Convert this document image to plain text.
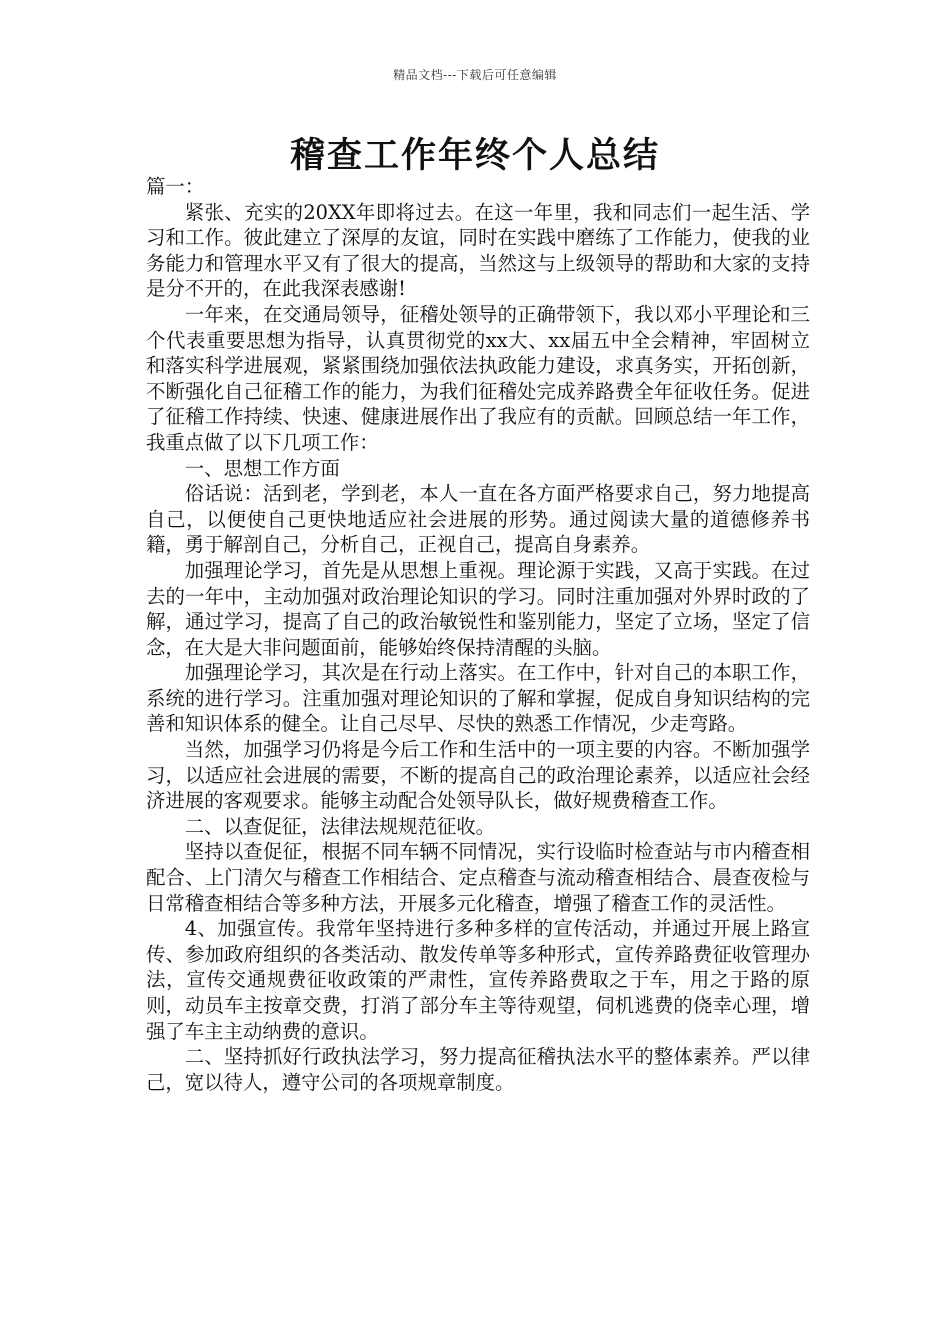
精品文档---下载后可任意编辑
稽查工作年终个人总结

篇一：

紧张、充实的20XX年即将过去。在这一年里，我和同志们一起生活、学习和工作。彼此建立了深厚的友谊，同时在实践中磨练了工作能力，使我的业务能力和管理水平又有了很大的提高，当然这与上级领导的帮助和大家的支持是分不开的，在此我深表感谢!

一年来，在交通局领导，征稽处领导的正确带领下，我以邓小平理论和三个代表重要思想为指导，认真贯彻党的xx大、xx届五中全会精神，牢固树立和落实科学进展观，紧紧围绕加强依法执政能力建设，求真务实，开拓创新，不断强化自己征稽工作的能力，为我们征稽处完成养路费全年征收任务。促进了征稽工作持续、快速、健康进展作出了我应有的贡献。回顾总结一年工作，我重点做了以下几项工作：

一、思想工作方面

俗话说：活到老，学到老，本人一直在各方面严格要求自己，努力地提高自己，以便使自己更快地适应社会进展的形势。通过阅读大量的道德修养书籍，勇于解剖自己，分析自己，正视自己，提高自身素养。

加强理论学习，首先是从思想上重视。理论源于实践，又高于实践。在过去的一年中，主动加强对政治理论知识的学习。同时注重加强对外界时政的了解，通过学习，提高了自己的政治敏锐性和鉴别能力，坚定了立场，坚定了信念，在大是大非问题面前，能够始终保持清醒的头脑。

加强理论学习，其次是在行动上落实。在工作中，针对自己的本职工作，系统的进行学习。注重加强对理论知识的了解和掌握，促成自身知识结构的完善和知识体系的健全。让自己尽早、尽快的熟悉工作情况，少走弯路。

当然，加强学习仍将是今后工作和生活中的一项主要的内容。不断加强学习，以适应社会进展的需要，不断的提高自己的政治理论素养，以适应社会经济进展的客观要求。能够主动配合处领导队长，做好规费稽查工作。

二、以查促征，法律法规规范征收。

坚持以查促征，根据不同车辆不同情况，实行设临时检查站与市内稽查相配合、上门清欠与稽查工作相结合、定点稽查与流动稽查相结合、晨查夜检与日常稽查相结合等多种方法，开展多元化稽查，增强了稽查工作的灵活性。

4、加强宣传。我常年坚持进行多种多样的宣传活动，并通过开展上路宣传、参加政府组织的各类活动、散发传单等多种形式，宣传养路费征收管理办法，宣传交通规费征收政策的严肃性，宣传养路费取之于车，用之于路的原则，动员车主按章交费，打消了部分车主等待观望，伺机逃费的侥幸心理，增强了车主主动纳费的意识。

二、坚持抓好行政执法学习，努力提高征稽执法水平的整体素养。严以律己，宽以待人，遵守公司的各项规章制度。
